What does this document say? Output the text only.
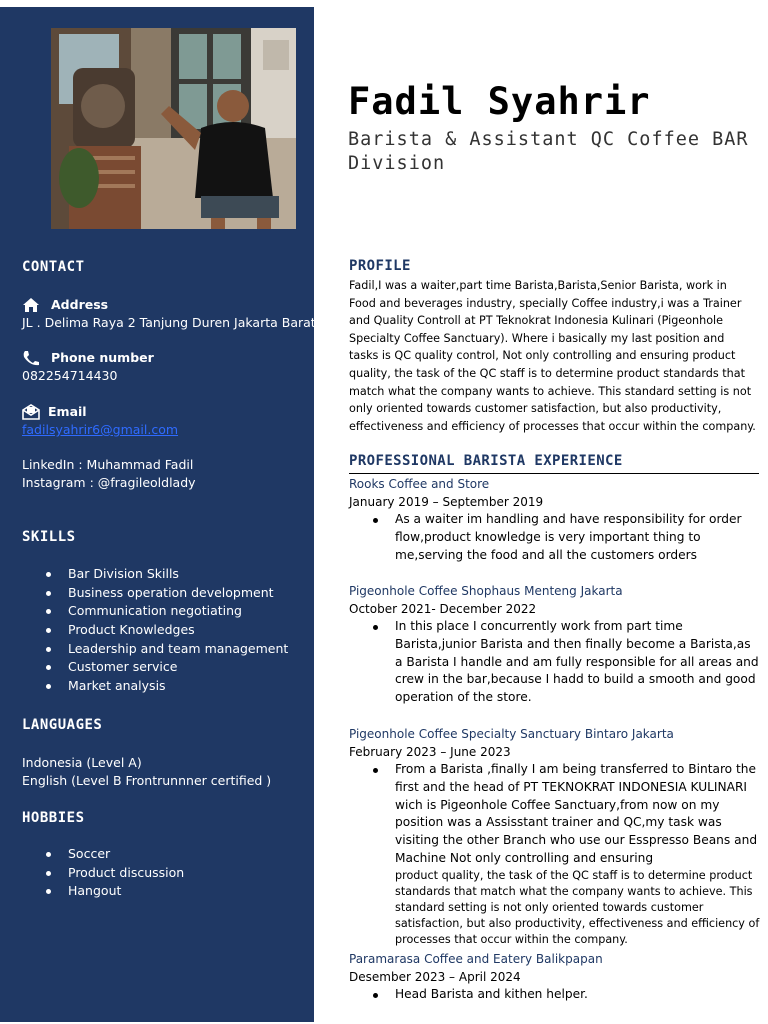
CONTACT
Address
JL . Delima Raya 2 Tanjung Duren Jakarta Barat
Phone number
082254714430
Email
fadilsyahrir6@gmail.com
LinkedIn : Muhammad Fadil
Instagram : @fragileoldlady
SKILLS
Bar Division Skills
Business operation development
Communication negotiating
Product Knowledges
Leadership and team management
Customer service
Market analysis
LANGUAGES
Indonesia (Level A)
English (Level B Frontrunnner certified )
HOBBIES
Soccer
Product discussion
Hangout
Fadil Syahrir
Barista & Assistant QC Coffee BAR Division
PROFILE

Fadil,I was a waiter,part time Barista,Barista,Senior Barista, work in Food and beverages industry, specially Coffee industry,i was a Trainer and Quality Controll at PT Teknokrat Indonesia Kulinari (Pigeonhole Specialty Coffee Sanctuary). Where i basically my last position and tasks is QC quality control, Not only controlling and ensuring product quality, the task of the QC staff is to determine product standards that match what the company wants to achieve. This standard setting is not only oriented towards customer satisfaction, but also productivity, effectiveness and efficiency of processes that occur within the company.

PROFESSIONAL BARISTA EXPERIENCE
Rooks Coffee and Store
January 2019 – September 2019
As a waiter im handling and have responsibility for order flow,product knowledge is very important thing to me,serving the food and all the customers orders
Pigeonhole Coffee Shophaus Menteng Jakarta
October 2021- December 2022
In this place I concurrently work from part time Barista,junior Barista and then finally become a Barista,as a Barista I handle and am fully responsible for all areas and crew in the bar,because I hadd to build a smooth and good operation of the store.
Pigeonhole Coffee Specialty Sanctuary Bintaro Jakarta
February 2023 – June 2023
From a Barista ,finally I am being transferred to Bintaro the first and the head of PT TEKNOKRAT INDONESIA KULINARI wich is Pigeonhole Coffee Sanctuary,from now on my position was a Assisstant trainer and QC,my task was visiting the other Branch who use our Esspresso Beans and Machine Not only controlling and ensuring
product quality, the task of the QC staff is to determine product standards that match what the company wants to achieve. This standard setting is not only oriented towards customer satisfaction, but also productivity, effectiveness and efficiency of processes that occur within the company.
Paramarasa Coffee and Eatery Balikpapan
Desember 2023 – April 2024
Head Barista and kithen helper.
